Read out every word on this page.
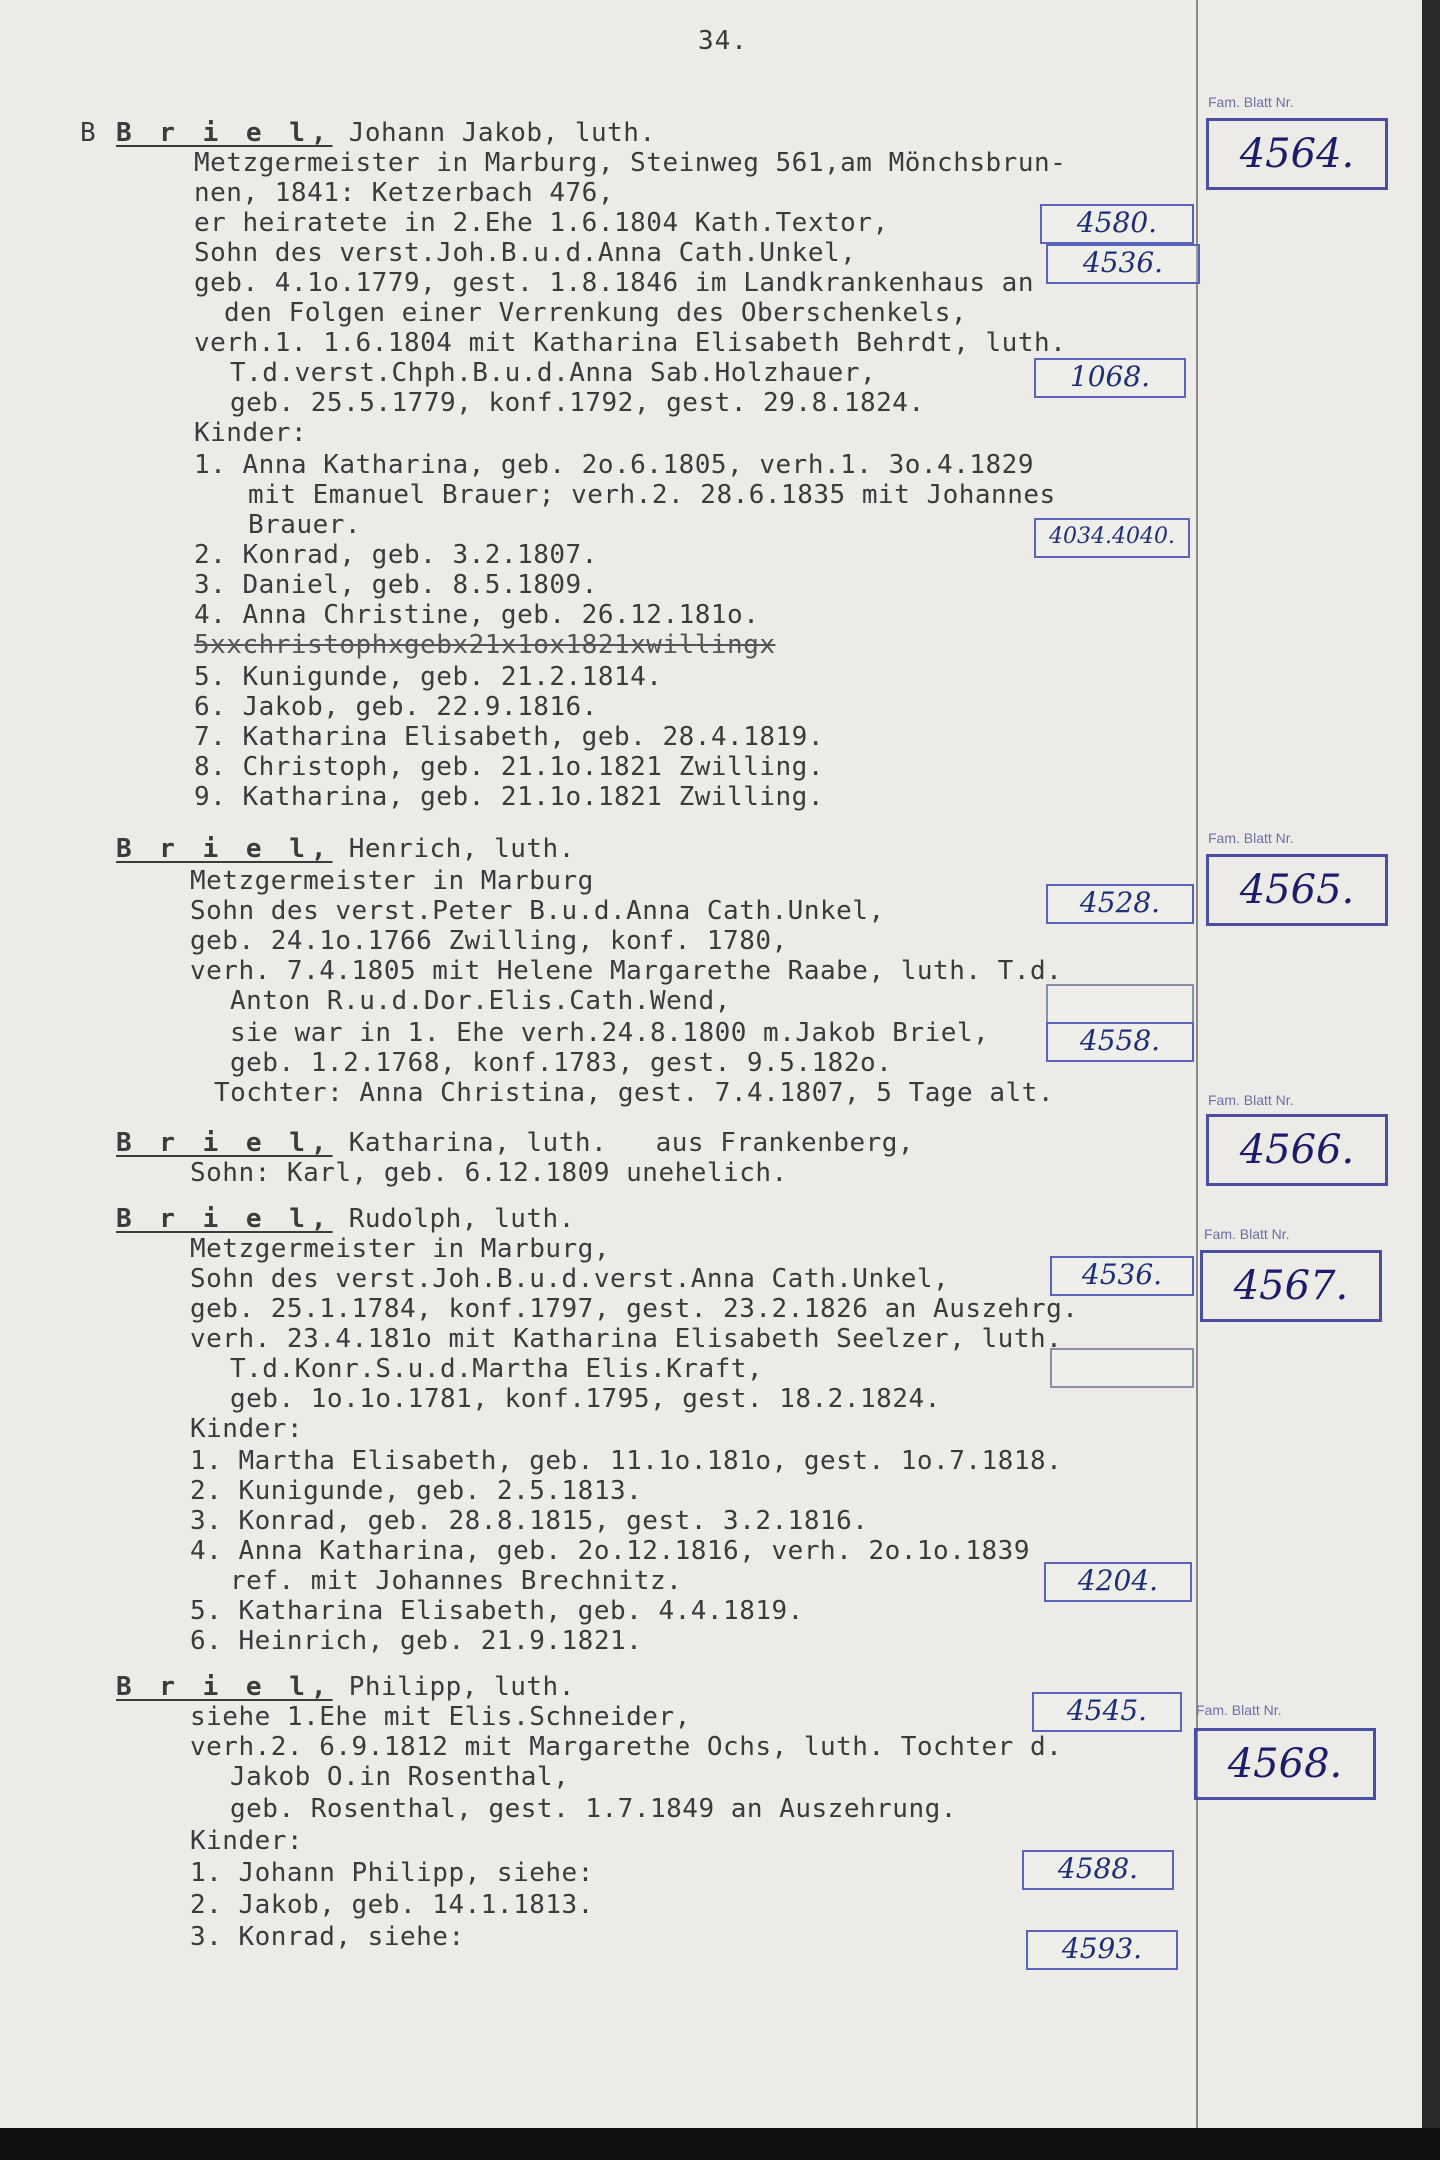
34.
B B r i e l, Johann Jakob, luth.
Metzgermeister in Marburg, Steinweg 561,am Mönchsbrun-
nen, 1841: Ketzerbach 476,
er heiratete in 2.Ehe 1.6.1804 Kath.Textor,
Sohn des verst.Joh.B.u.d.Anna Cath.Unkel,
geb. 4.1o.1779, gest. 1.8.1846 im Landkrankenhaus an
den Folgen einer Verrenkung des Oberschenkels,
verh.1. 1.6.1804 mit Katharina Elisabeth Behrdt, luth.
T.d.verst.Chph.B.u.d.Anna Sab.Holzhauer,
geb. 25.5.1779, konf.1792, gest. 29.8.1824.
Kinder:
1. Anna Katharina, geb. 2o.6.1805, verh.1. 3o.4.1829
mit Emanuel Brauer; verh.2. 28.6.1835 mit Johannes
Brauer.
2. Konrad, geb. 3.2.1807.
3. Daniel, geb. 8.5.1809.
4. Anna Christine, geb. 26.12.181o.
5xxchristophxgebx21x1ox1821xwillingx
5. Kunigunde, geb. 21.2.1814.
6. Jakob, geb. 22.9.1816.
7. Katharina Elisabeth, geb. 28.4.1819.
8. Christoph, geb. 21.1o.1821 Zwilling.
9. Katharina, geb. 21.1o.1821 Zwilling.
4580.
4536.
1068.
4034.4040.
Fam. Blatt Nr.
4564.
B r i e l, Henrich, luth.
Metzgermeister in Marburg
Sohn des verst.Peter B.u.d.Anna Cath.Unkel,
geb. 24.1o.1766 Zwilling, konf. 1780,
verh. 7.4.1805 mit Helene Margarethe Raabe, luth. T.d.
Anton R.u.d.Dor.Elis.Cath.Wend,
sie war in 1. Ehe verh.24.8.1800 m.Jakob Briel,
geb. 1.2.1768, konf.1783, gest. 9.5.182o.
Tochter: Anna Christina, gest. 7.4.1807, 5 Tage alt.
4528.
4558.
Fam. Blatt Nr.
4565.
B r i e l, Katharina, luth.   aus Frankenberg,
Sohn: Karl, geb. 6.12.1809 unehelich.
Fam. Blatt Nr.
4566.
B r i e l, Rudolph, luth.
Metzgermeister in Marburg,
Sohn des verst.Joh.B.u.d.verst.Anna Cath.Unkel,
geb. 25.1.1784, konf.1797, gest. 23.2.1826 an Auszehrg.
verh. 23.4.181o mit Katharina Elisabeth Seelzer, luth.
T.d.Konr.S.u.d.Martha Elis.Kraft,
geb. 1o.1o.1781, konf.1795, gest. 18.2.1824.
Kinder:
1. Martha Elisabeth, geb. 11.1o.181o, gest. 1o.7.1818.
2. Kunigunde, geb. 2.5.1813.
3. Konrad, geb. 28.8.1815, gest. 3.2.1816.
4. Anna Katharina, geb. 2o.12.1816, verh. 2o.1o.1839
ref. mit Johannes Brechnitz.
5. Katharina Elisabeth, geb. 4.4.1819.
6. Heinrich, geb. 21.9.1821.
4536.
4204.
Fam. Blatt Nr.
4567.
B r i e l, Philipp, luth.
siehe 1.Ehe mit Elis.Schneider,
verh.2. 6.9.1812 mit Margarethe Ochs, luth. Tochter d.
Jakob O.in Rosenthal,
geb. Rosenthal, gest. 1.7.1849 an Auszehrung.
Kinder:
1. Johann Philipp, siehe:
2. Jakob, geb. 14.1.1813.
3. Konrad, siehe:
4545.
4588.
4593.
Fam. Blatt Nr.
4568.
